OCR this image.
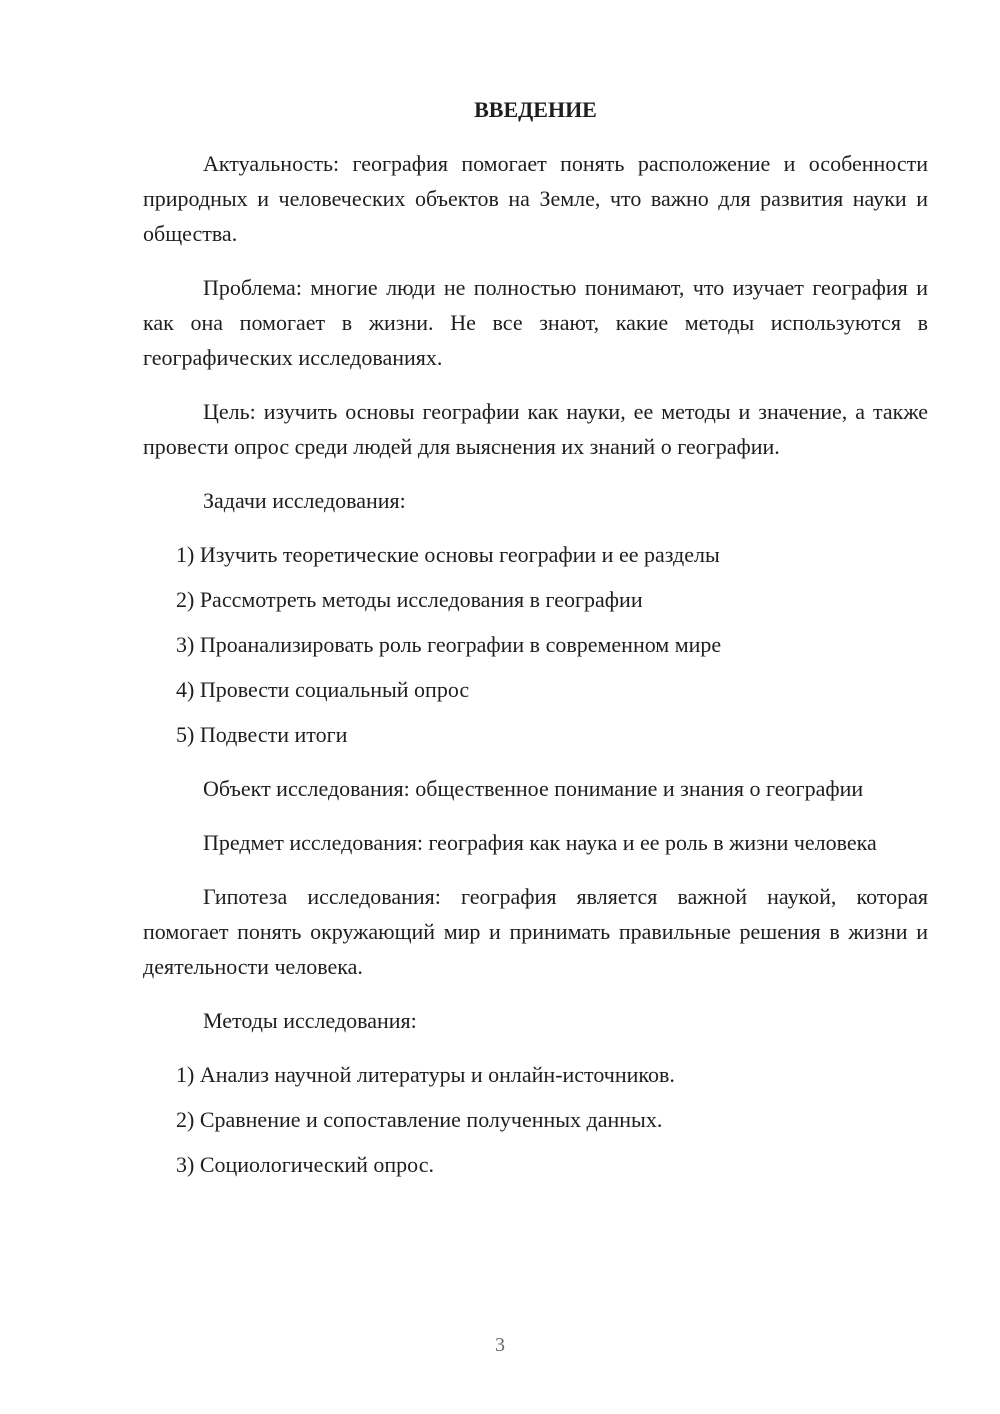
ВВЕДЕНИЕ
Актуальность: география помогает понять расположение и особенности природных и человеческих объектов на Земле, что важно для развития науки и общества.
Проблема: многие люди не полностью понимают, что изучает география и как она помогает в жизни. Не все знают, какие методы используются в географических исследованиях.
Цель: изучить основы географии как науки, ее методы и значение, а также провести опрос среди людей для выяснения их знаний о географии.
Задачи исследования:
1) Изучить теоретические основы географии и ее разделы
2) Рассмотреть методы исследования в географии
3) Проанализировать роль географии в современном мире
4) Провести социальный опрос
5) Подвести итоги
Объект исследования: общественное понимание и знания о географии
Предмет исследования: география как наука и ее роль в жизни человека
Гипотеза исследования: география является важной наукой, которая помогает понять окружающий мир и принимать правильные решения в жизни и деятельности человека.
Методы исследования:
1) Анализ научной литературы и онлайн-источников.
2) Сравнение и сопоставление полученных данных.
3) Социологический опрос.
3
